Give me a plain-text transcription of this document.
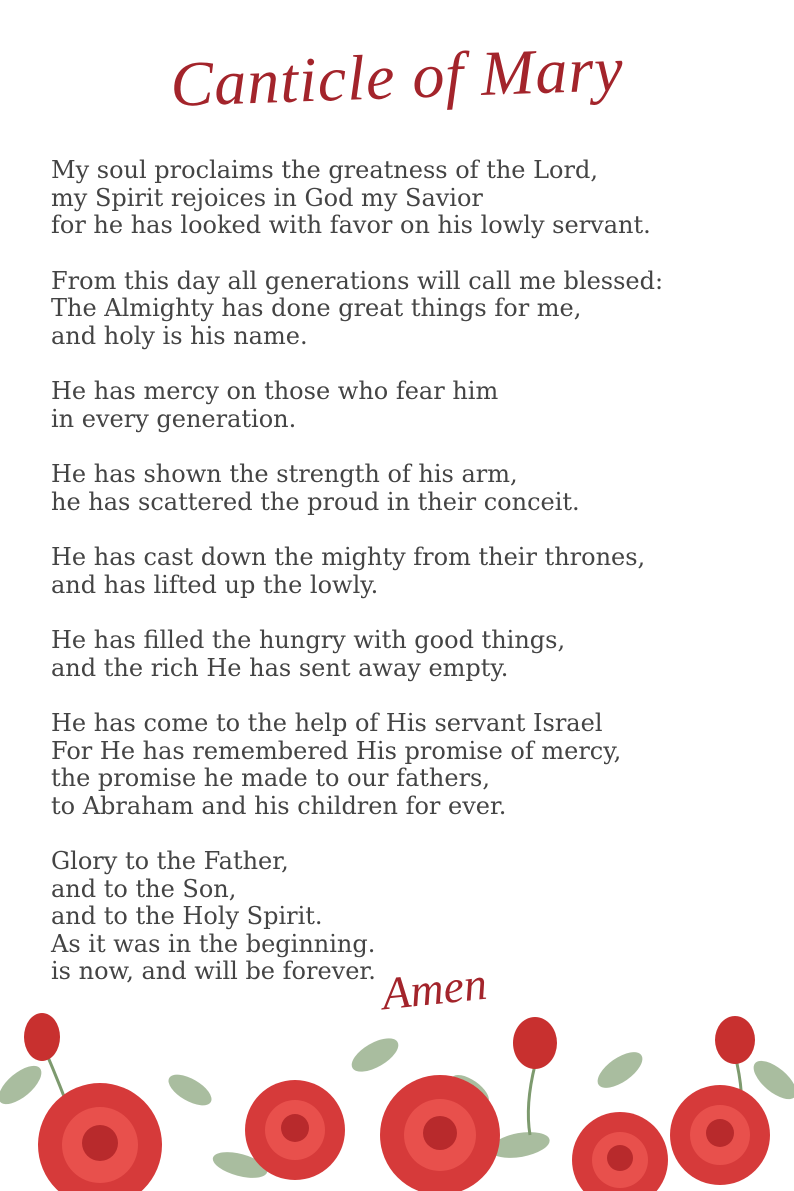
Canticle of Mary
My soul proclaims the greatness of the Lord,
my Spirit rejoices in God my Savior
for he has looked with favor on his lowly servant.
From this day all generations will call me blessed:
The Almighty has done great things for me,
and holy is his name.
He has mercy on those who fear him
in every generation.
He has shown the strength of his arm,
he has scattered the proud in their conceit.
He has cast down the mighty from their thrones,
and has lifted up the lowly.
He has filled the hungry with good things,
and the rich He has sent away empty.
He has come to the help of His servant Israel
For He has remembered His promise of mercy,
the promise he made to our fathers,
to Abraham and his children for ever.
Glory to the Father,
and to the Son,
and to the Holy Spirit.
As it was in the beginning.
is now, and will be forever. Amen
